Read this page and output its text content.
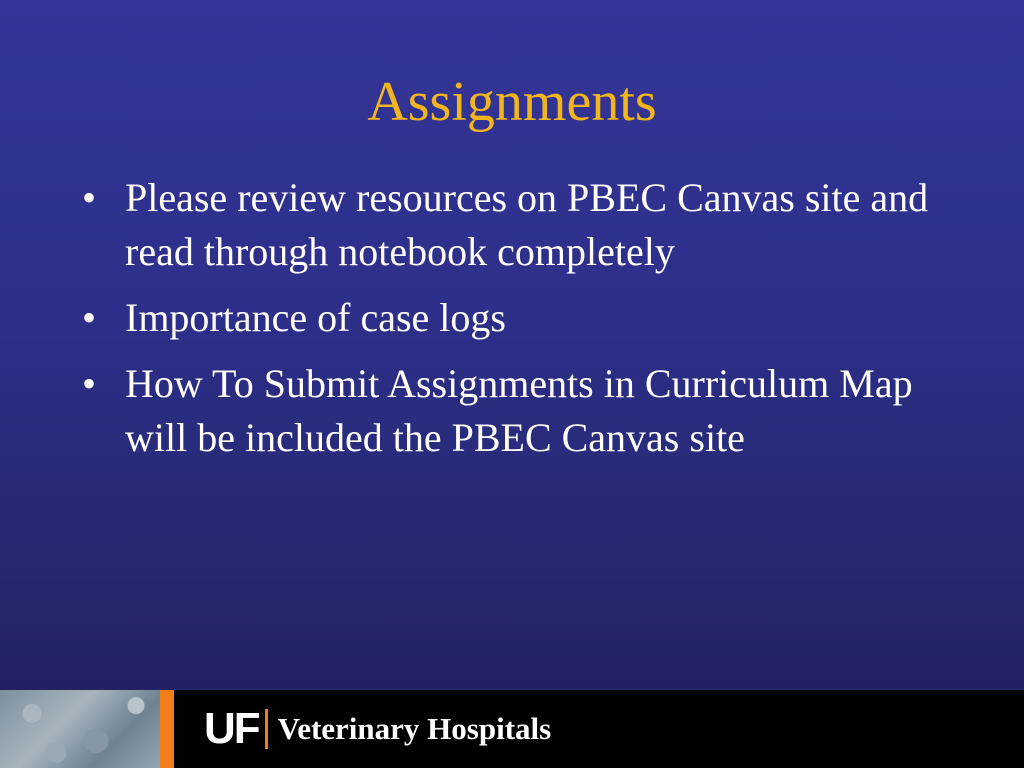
Assignments
• Please review resources on PBEC Canvas site and read through notebook completely
• Importance of case logs
• How To Submit Assignments in Curriculum Map will be included the PBEC Canvas site
UF Veterinary Hospitals
